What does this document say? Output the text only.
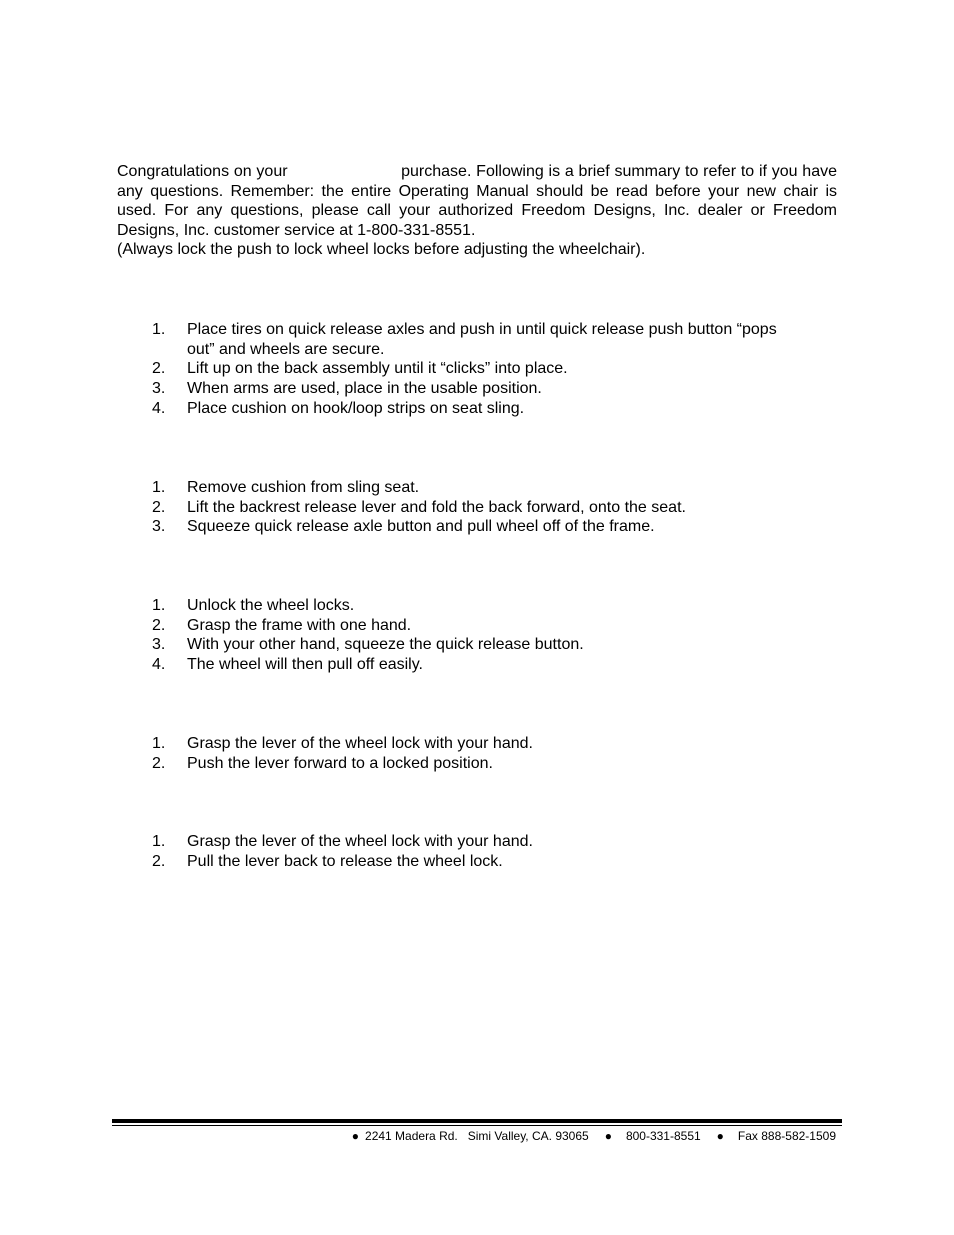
Congratulations on your	purchase. Following is a brief summary to refer to if you have any questions. Remember: the entire Operating Manual should be read before your new chair is used. For any questions, please call your authorized Freedom Designs, Inc. dealer or Freedom Designs, Inc. customer service at 1-800-331-8551.
(Always lock the push to lock wheel locks before adjusting the wheelchair).
1. Place tires on quick release axles and push in until quick release push button “pops out” and wheels are secure.
2. Lift up on the back assembly until it “clicks” into place.
3. When arms are used, place in the usable position.
4. Place cushion on hook/loop strips on seat sling.
1. Remove cushion from sling seat.
2. Lift the backrest release lever and fold the back forward, onto the seat.
3. Squeeze quick release axle button and pull wheel off of the frame.
1. Unlock the wheel locks.
2. Grasp the frame with one hand.
3. With your other hand, squeeze the quick release button.
4. The wheel will then pull off easily.
1. Grasp the lever of the wheel lock with your hand.
2. Push the lever forward to a locked position.
1. Grasp the lever of the wheel lock with your hand.
2. Pull the lever back to release the wheel lock.
● 2241 Madera Rd.   Simi Valley, CA. 93065 ● 800-331-8551 ● Fax 888-582-1509
